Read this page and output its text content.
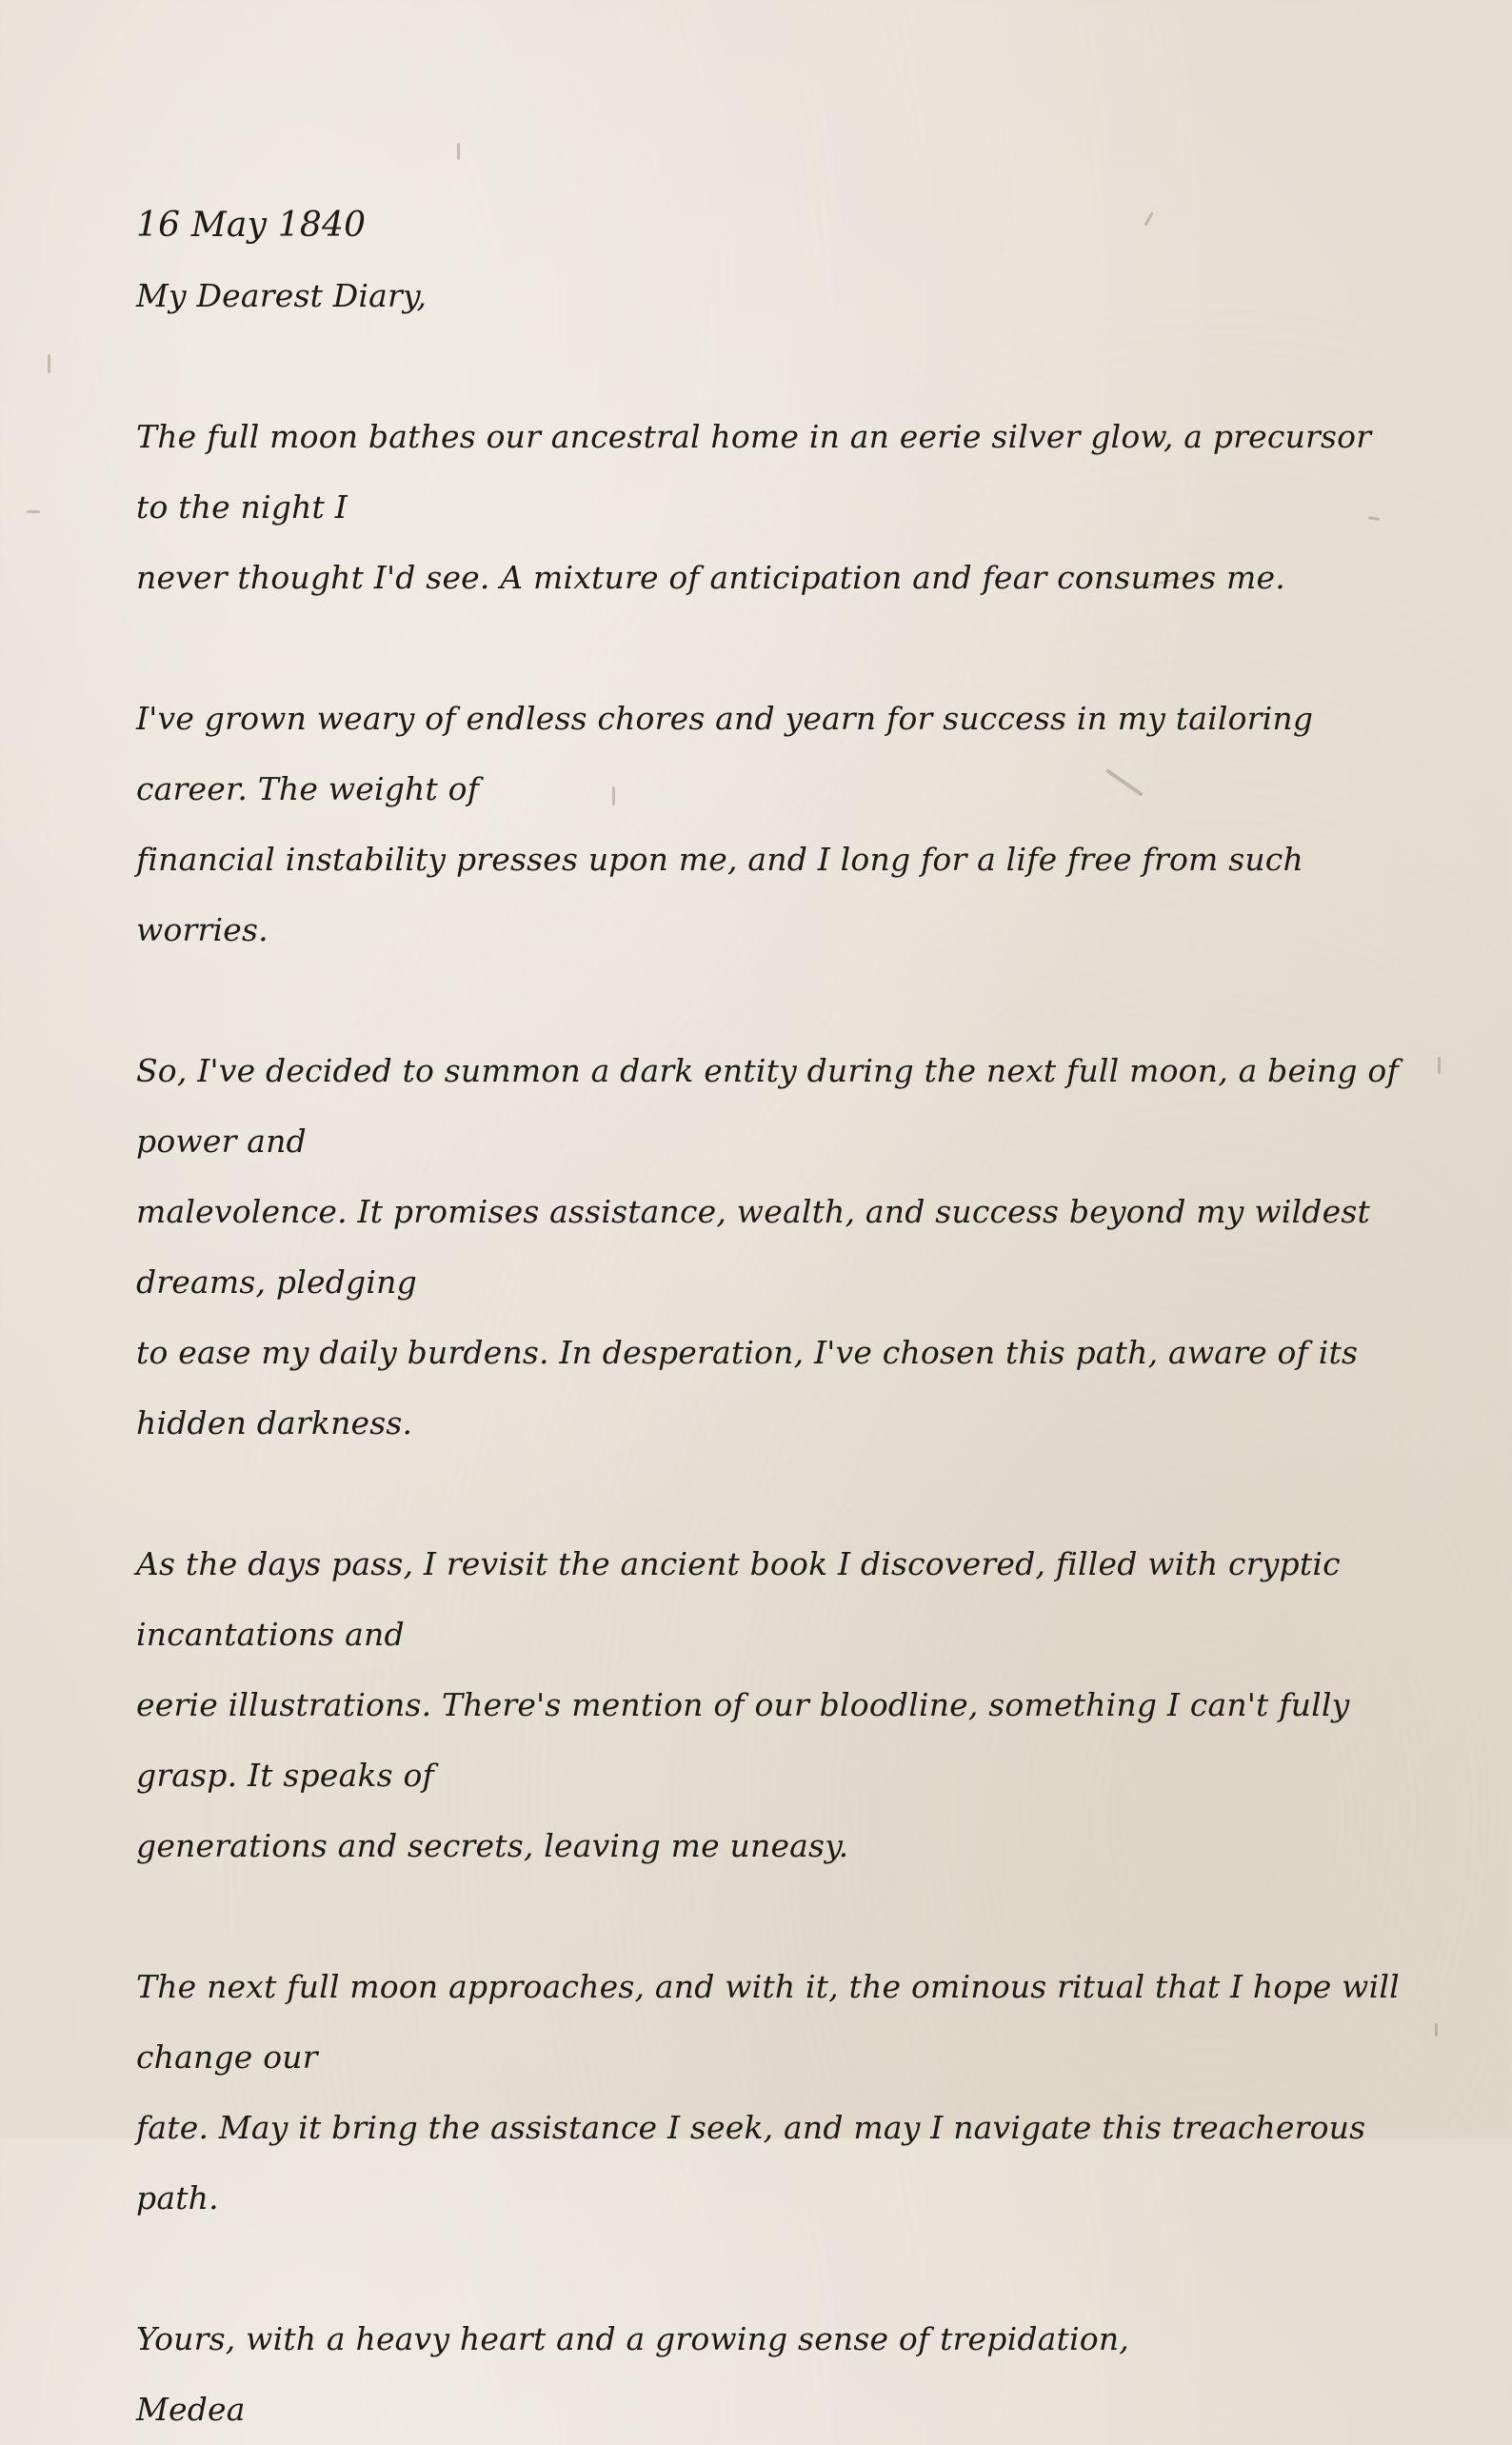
16 May 1840

My Dearest Diary,

The full moon bathes our ancestral home in an eerie silver glow, a precursor to the night I

never thought I'd see. A mixture of anticipation and fear consumes me.

I've grown weary of endless chores and yearn for success in my tailoring career. The weight of

financial instability presses upon me, and I long for a life free from such worries.

So, I've decided to summon a dark entity during the next full moon, a being of power and

malevolence. It promises assistance, wealth, and success beyond my wildest dreams, pledging

to ease my daily burdens. In desperation, I've chosen this path, aware of its hidden darkness.

As the days pass, I revisit the ancient book I discovered, filled with cryptic incantations and

eerie illustrations. There's mention of our bloodline, something I can't fully grasp. It speaks of

generations and secrets, leaving me uneasy.

The next full moon approaches, and with it, the ominous ritual that I hope will change our

fate. May it bring the assistance I seek, and may I navigate this treacherous path.

Yours, with a heavy heart and a growing sense of trepidation,

Medea
